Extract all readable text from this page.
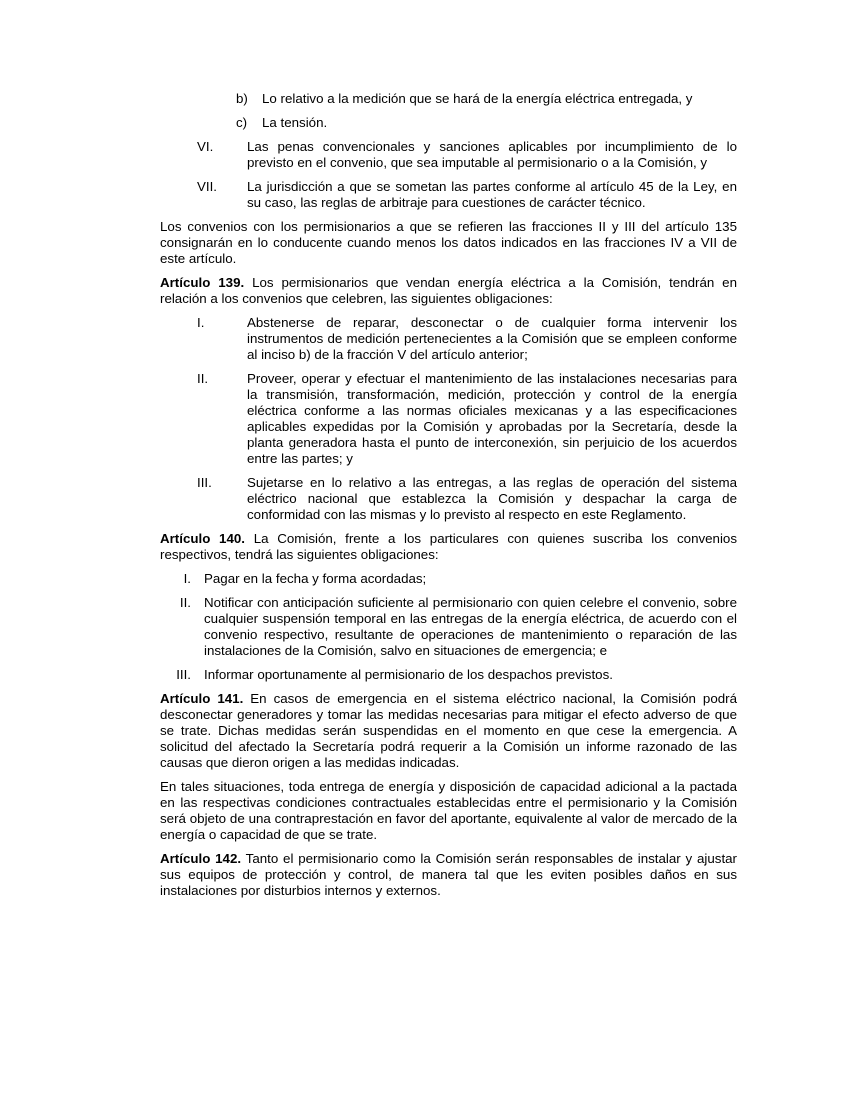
b)	Lo relativo a la medición que se hará de la energía eléctrica entregada, y
c)	La tensión.
VI.	Las penas convencionales y sanciones aplicables por incumplimiento de lo previsto en el convenio, que sea imputable al permisionario o a la Comisión, y
VII.	La jurisdicción a que se sometan las partes conforme al artículo 45 de la Ley, en su caso, las reglas de arbitraje para cuestiones de carácter técnico.

Los convenios con los permisionarios a que se refieren las fracciones II y III del artículo 135 consignarán en lo conducente cuando menos los datos indicados en las fracciones IV a VII de este artículo.

Artículo 139. Los permisionarios que vendan energía eléctrica a la Comisión, tendrán en relación a los convenios que celebren, las siguientes obligaciones:

I.	Abstenerse de reparar, desconectar o de cualquier forma intervenir los instrumentos de medición pertenecientes a la Comisión que se empleen conforme al inciso b) de la fracción V del artículo anterior;
II.	Proveer, operar y efectuar el mantenimiento de las instalaciones necesarias para la transmisión, transformación, medición, protección y control de la energía eléctrica conforme a las normas oficiales mexicanas y a las especificaciones aplicables expedidas por la Comisión y aprobadas por la Secretaría, desde la planta generadora hasta el punto de interconexión, sin perjuicio de los acuerdos entre las partes; y
III.	Sujetarse en lo relativo a las entregas, a las reglas de operación del sistema eléctrico nacional que establezca la Comisión y despachar la carga de conformidad con las mismas y lo previsto al respecto en este Reglamento.

Artículo 140. La Comisión, frente a los particulares con quienes suscriba los convenios respectivos, tendrá las siguientes obligaciones:

I. Pagar en la fecha y forma acordadas;
II. Notificar con anticipación suficiente al permisionario con quien celebre el convenio, sobre cualquier suspensión temporal en las entregas de la energía eléctrica, de acuerdo con el convenio respectivo, resultante de operaciones de mantenimiento o reparación de las instalaciones de la Comisión, salvo en situaciones de emergencia; e
III. Informar oportunamente al permisionario de los despachos previstos.

Artículo 141. En casos de emergencia en el sistema eléctrico nacional, la Comisión podrá desconectar generadores y tomar las medidas necesarias para mitigar el efecto adverso de que se trate. Dichas medidas serán suspendidas en el momento en que cese la emergencia. A solicitud del afectado la Secretaría podrá requerir a la Comisión un informe razonado de las causas que dieron origen a las medidas indicadas.

En tales situaciones, toda entrega de energía y disposición de capacidad adicional a la pactada en las respectivas condiciones contractuales establecidas entre el permisionario y la Comisión será objeto de una contraprestación en favor del aportante, equivalente al valor de mercado de la energía o capacidad de que se trate.

Artículo 142. Tanto el permisionario como la Comisión serán responsables de instalar y ajustar sus equipos de protección y control, de manera tal que les eviten posibles daños en sus instalaciones por disturbios internos y externos.
